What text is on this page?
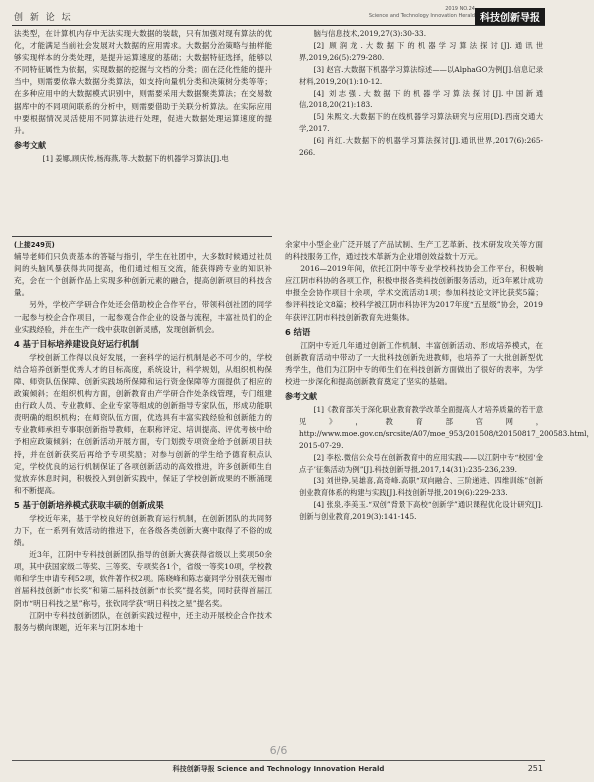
创 新 论 坛
2019 NO.24
Science and Technology Innovation Herald 科技创新导报

法类型，在计算机内存中无法实现大数据的装载，只有加强对现有算法的优化，才能满足当前社会发展对大数据的应用需求。大数据分治策略与抽样能够实现样本的分类处理，是提升运算速度的基础；大数据特征选择，能够以不同特征属性为依据，实现数据的挖掘与文档的分类；面在泛化性能的提升当中，则需要依靠大数据分类算法，如支持向量机分类和决策树分类等等；在多种应用中的大数据模式识别中，则需要采用大数据聚类算法；在交易数据库中的不同项间联系的分析中，则需要借助于关联分析算法。在实际应用中要根据情况灵活使用不同算法进行处理，促进大数据处理运算速度的提升。

参考文献

[1] 姜娜,顾庆传,杨海燕,等.大数据下的机器学习算法[J].电

脑与信息技术,2019,27(3):30-33.

[2] 顾润龙.大数据下的机器学习算法探讨[J].通讯世界,2019,26(5):279-280.

[3] 赵宫.大数据下机器学习算法综述——以AlphaGO为例[J].信息记录材料,2019,20(1):10-12.

[4] 刘志强.大数据下的机器学习算法探讨[J].中国新通信,2018,20(21):183.

[5] 朱熙文.大数据下的在线机器学习算法研究与应用[D].西南交通大学,2017.

[6] 肖红.大数据下的机器学习算法探讨[J].通讯世界,2017(6):265-266.

(上接249页)

辅导老师们只负责基本的答疑与指引，学生在社团中，大多数时候通过社员间的头脑风暴获得共同提高，他们通过相互交流，能获得跨专业的知识补充，会在一个创新作品上实现多种创新元素的融合，提高创新项目的科技含量。

另外，学校产学研合作处还会借助校企合作平台，带领科创社团的同学一起参与校企合作项目，一起参观合作企业的设备与流程，丰富社员们的企业实践经验，并在生产一线中获取创新灵感，发现创新机会。

4 基于目标培养建设良好运行机制

学校创新工作得以良好发展，一套科学的运行机制是必不可少的，学校结合培养创新型优秀人才的目标高度，系统设计，科学规划，从组织机构保障、师资队伍保障、创新实践场所保障和运行资金保障等方面提供了相应的政策倾斜；在组织机构方面，创新教育由产学研合作处条线管理，专门组建由行政人员、专业教师、企业专家等组成的创新指导专家队伍，形成功能职责明确的组织机构；在师资队伍方面，优选具有丰富实践经验和创新能力的专业教师承担专事职创新指导教师，在职称评定、培训提高、评优考核中给予相应政策倾斜；在创新活动开展方面，专门划拨专项资金给予创新项目扶持，并在创新获奖后再给予专项奖励；对参与创新的学生给予德育积点认定，学校优良的运行机制保证了各项创新活动的高效推进，许多创新师生自觉放弃休息时间，积极投入到创新实践中，保证了学校创新成果的不断涌现和不断提高。

5 基于创新培养模式获取丰硕的创新成果

学校近年来，基于学校良好的创新教育运行机制，在创新团队的共同努力下，在一系列有效活动的推进下，在各级各类创新大赛中取得了不俗的成绩。

近3年，江阴中专科技创新团队指导的创新大赛获得省级以上奖项50余项，其中获国家级二等奖、三等奖、专项奖各1个，省级一等奖10项，学校教师和学生申请专利52项，软件著作权2项。陈晓峰和陈志豪同学分别获无锡市首届科技创新“市长奖”和第二届科技创新“市长奖”提名奖，同时获得首届江阴市“明日科技之星”称号，张钦同学获“明日科技之星”提名奖。

江阴中专科技创新团队，在创新实践过程中，还主动开展校企合作技术服务与横向课题，近年来与江阴本地十

余家中小型企业广泛开展了产品试制、生产工艺革新、技术研发攻关等方面的科技服务工作，通过技术革新为企业增创效益数十万元。

2016—2019年间，依托江阴中等专业学校科技协会工作平台，积极响应江阴市科协的各项工作，积极申报各类科技创新服务活动，近3年累计成功申报全会协作项目十余项，学术交流活动1项；参加科技论文评比获奖5篇；参评科技论文8篇；校科学被江阴市科协评为2017年度“五星级”协会，2019年获评江阴市科技创新教育先进集体。

6 结语

江阴中专近几年通过创新工作机制、丰富创新活动、形成培养模式，在创新教育活动中带动了一大批科技创新先进教师，也培养了一大批创新型优秀学生，他们为江阴中专的师生们在科技创新方面做出了很好的表率，为学校进一步深化和提高创新教育奠定了坚实的基础。

参考文献

[1]《教育部关于深化职业教育教学改革全面提高人才培养质量的若干意见》，教育部官网，http://www.moe.gov.cn/srcsite/A07/moe_953/201508/t20150817_200583.html，2015-07-29.

[2] 李松.微信公众号在创新教育中的应用实践——以江阴中专“校园‘金点子’征集活动为例”[J].科技创新导报,2017,14(31):235-236,239.

[3] 刘世铮,吴雄喜,高奇峰.高职“双向融合、三阶递进、四维训练”创新创业教育体系的构建与实践[J].科技创新导报,2019(6):229-233.

[4] 张泉,李美玉.“双创”背景下高校“创新学”通识课程优化设计研究[J].创新与创业教育,2019(3):141-145.

6/6
科技创新导报 Science and Technology Innovation Herald	251
